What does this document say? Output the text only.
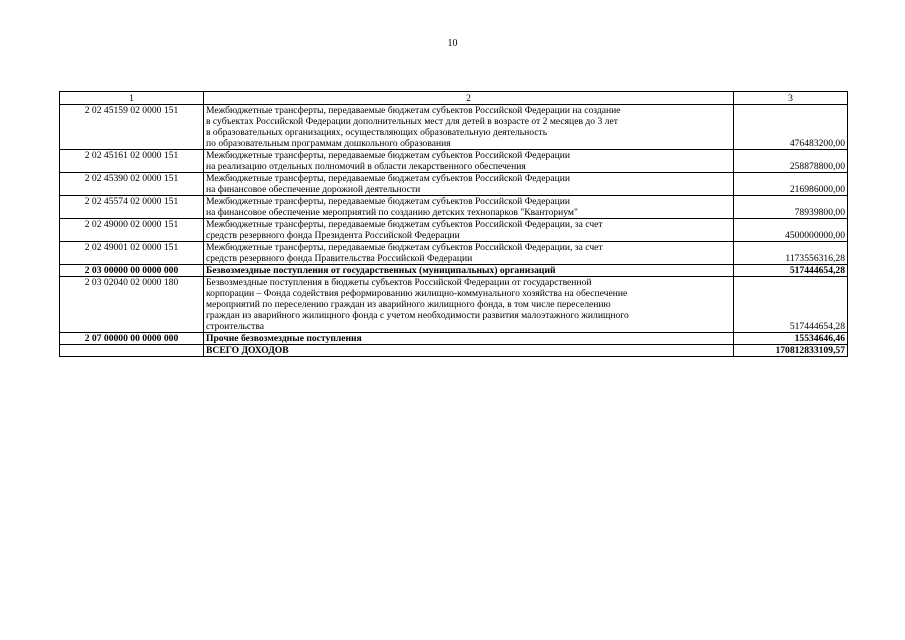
10
1	2	3
2 02 45159 02 0000 151	Межбюджетные трансферты, передаваемые бюджетам субъектов Российской Федерации на создание
в субъектах Российской Федерации дополнительных мест для детей в возрасте от 2 месяцев до 3 лет
в образовательных организациях, осуществляющих образовательную деятельность
по образовательным программам дошкольного образования	476483200,00
2 02 45161 02 0000 151	Межбюджетные трансферты, передаваемые бюджетам субъектов Российской Федерации
на реализацию отдельных полномочий в области лекарственного обеспечения	258878800,00
2 02 45390 02 0000 151	Межбюджетные трансферты, передаваемые бюджетам субъектов Российской Федерации
на финансовое обеспечение дорожной деятельности	216986000,00
2 02 45574 02 0000 151	Межбюджетные трансферты, передаваемые бюджетам субъектов Российской Федерации
на финансовое обеспечение мероприятий по созданию детских технопарков "Кванториум"	78939800,00
2 02 49000 02 0000 151	Межбюджетные трансферты, передаваемые бюджетам субъектов Российской Федерации, за счет
средств резервного фонда Президента Российской Федерации	4500000000,00
2 02 49001 02 0000 151	Межбюджетные трансферты, передаваемые бюджетам субъектов Российской Федерации, за счет
средств резервного фонда Правительства Российской Федерации	1173556316,28
2 03 00000 00 0000 000	Безвозмездные поступления от государственных (муниципальных) организаций	517444654,28
2 03 02040 02 0000 180	Безвозмездные поступления в бюджеты субъектов Российской Федерации от государственной
корпорации – Фонда содействия реформированию жилищно-коммунального хозяйства на обеспечение
мероприятий по переселению граждан из аварийного жилищного фонда, в том числе переселению
граждан из аварийного жилищного фонда с учетом необходимости развития малоэтажного жилищного
строительства	517444654,28
2 07 00000 00 0000 000	Прочие безвозмездные поступления	15534646,46
	ВСЕГО ДОХОДОВ	170812833109,57
